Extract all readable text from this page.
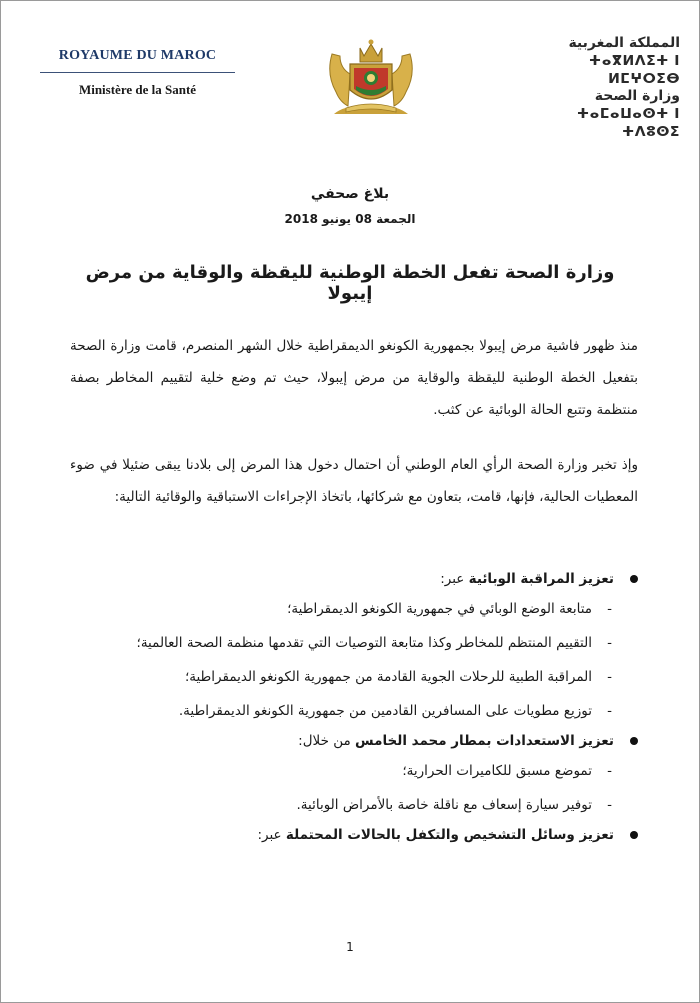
ROYAUME DU MAROC
Ministère de la Santé
المملكة المغربية
ⵜⴰⴳⵍⴷⵉⵜ ⵏ ⵍⵎⵖⵔⵉⴱ
وزارة الصحة
ⵜⴰⵎⴰⵡⴰⵙⵜ ⵏ ⵜⴷⵓⵙⵉ
بلاغ صحفي
الجمعة 08 يونيو 2018
وزارة الصحة تفعل الخطة الوطنية لليقظة والوقاية من مرض إيبولا
منذ ظهور فاشية مرض إيبولا بجمهورية الكونغو الديمقراطية خلال الشهر المنصرم، قامت وزارة الصحة بتفعيل الخطة الوطنية لليقظة والوقاية من مرض إيبولا، حيث تم وضع خلية لتقييم المخاطر بصفة منتظمة وتتبع الحالة الوبائية عن كثب.
وإذ تخبر وزارة الصحة الرأي العام الوطني أن احتمال دخول هذا المرض إلى بلادنا يبقى ضئيلا في ضوء المعطيات الحالية، فإنها، قامت، بتعاون مع شركائها، باتخاذ الإجراءات الاستباقية والوقائية التالية:
تعزيز المراقبة الوبائية عبر:
-
متابعة الوضع الوبائي في جمهورية الكونغو الديمقراطية؛
-
التقييم المنتظم للمخاطر وكذا متابعة التوصيات التي تقدمها منظمة الصحة العالمية؛
-
المراقبة الطبية للرحلات الجوية القادمة من جمهورية الكونغو الديمقراطية؛
-
توزيع مطويات على المسافرين القادمين من جمهورية الكونغو الديمقراطية.
تعزيز الاستعدادات بمطار محمد الخامس من خلال:
-
تموضع مسبق للكاميرات الحرارية؛
-
توفير سيارة إسعاف مع ناقلة خاصة بالأمراض الوبائية.
تعزيز وسائل التشخيص والتكفل بالحالات المحتملة عبر:
1
